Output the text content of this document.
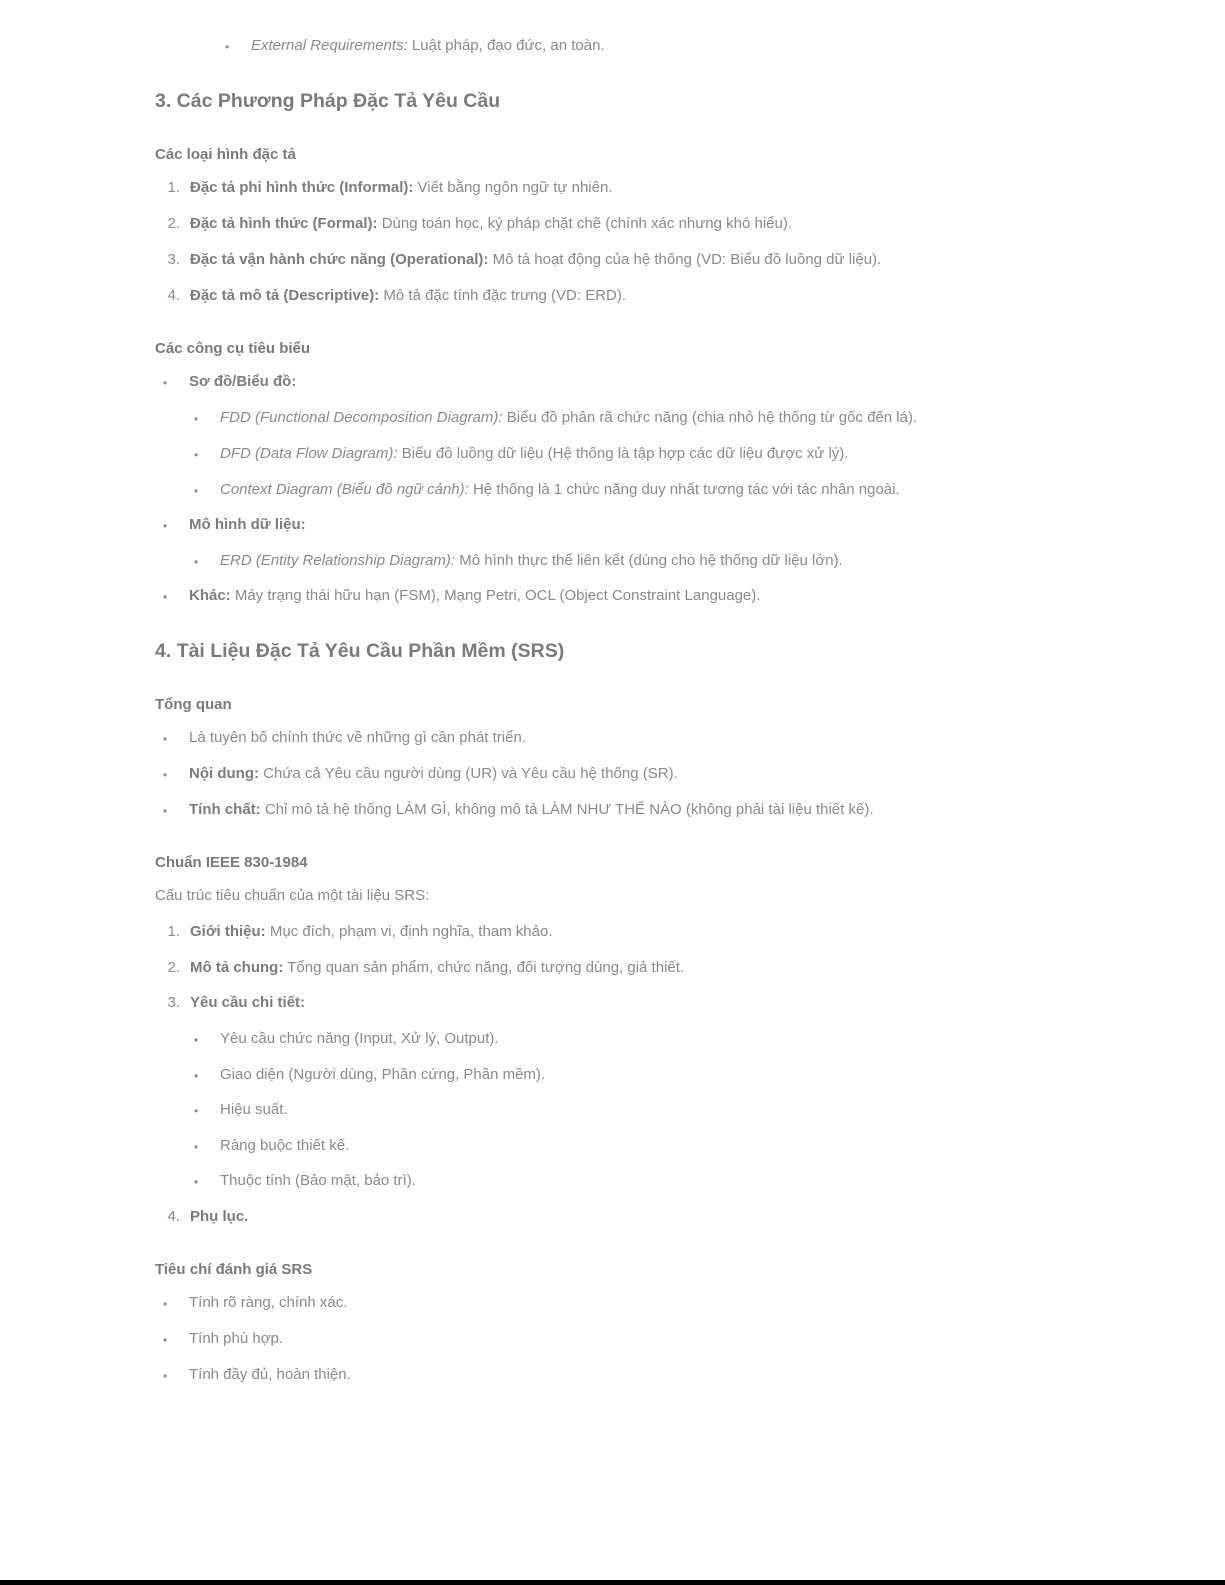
• External Requirements: Luật pháp, đạo đức, an toàn.
3. Các Phương Pháp Đặc Tả Yêu Cầu
Các loại hình đặc tả
1. Đặc tả phi hình thức (Informal): Viết bằng ngôn ngữ tự nhiên.
2. Đặc tả hình thức (Formal): Dùng toán học, ký pháp chặt chẽ (chính xác nhưng khó hiểu).
3. Đặc tả vận hành chức năng (Operational): Mô tả hoạt động của hệ thống (VD: Biểu đồ luồng dữ liệu).
4. Đặc tả mô tả (Descriptive): Mô tả đặc tính đặc trưng (VD: ERD).
Các công cụ tiêu biểu
• Sơ đồ/Biểu đồ:
• FDD (Functional Decomposition Diagram): Biểu đồ phân rã chức năng (chia nhỏ hệ thống từ gốc đến lá).
• DFD (Data Flow Diagram): Biểu đồ luồng dữ liệu (Hệ thống là tập hợp các dữ liệu được xử lý).
• Context Diagram (Biểu đồ ngữ cảnh): Hệ thống là 1 chức năng duy nhất tương tác với tác nhân ngoài.
• Mô hình dữ liệu:
• ERD (Entity Relationship Diagram): Mô hình thực thể liên kết (dùng cho hệ thống dữ liệu lớn).
• Khác: Máy trạng thái hữu hạn (FSM), Mạng Petri, OCL (Object Constraint Language).
4. Tài Liệu Đặc Tả Yêu Cầu Phần Mềm (SRS)
Tổng quan
• Là tuyên bố chính thức về những gì cần phát triển.
• Nội dung: Chứa cả Yêu cầu người dùng (UR) và Yêu cầu hệ thống (SR).
• Tính chất: Chỉ mô tả hệ thống LÀM GÌ, không mô tả LÀM NHƯ THẾ NÀO (không phải tài liệu thiết kế).
Chuẩn IEEE 830-1984
Cấu trúc tiêu chuẩn của một tài liệu SRS:
1. Giới thiệu: Mục đích, phạm vi, định nghĩa, tham khảo.
2. Mô tả chung: Tổng quan sản phẩm, chức năng, đối tượng dùng, giả thiết.
3. Yêu cầu chi tiết:
• Yêu cầu chức năng (Input, Xử lý, Output).
• Giao diện (Người dùng, Phần cứng, Phần mềm).
• Hiệu suất.
• Ràng buộc thiết kế.
• Thuộc tính (Bảo mật, bảo trì).
4. Phụ lục.
Tiêu chí đánh giá SRS
• Tính rõ ràng, chính xác.
• Tính phù hợp.
• Tính đầy đủ, hoàn thiện.
